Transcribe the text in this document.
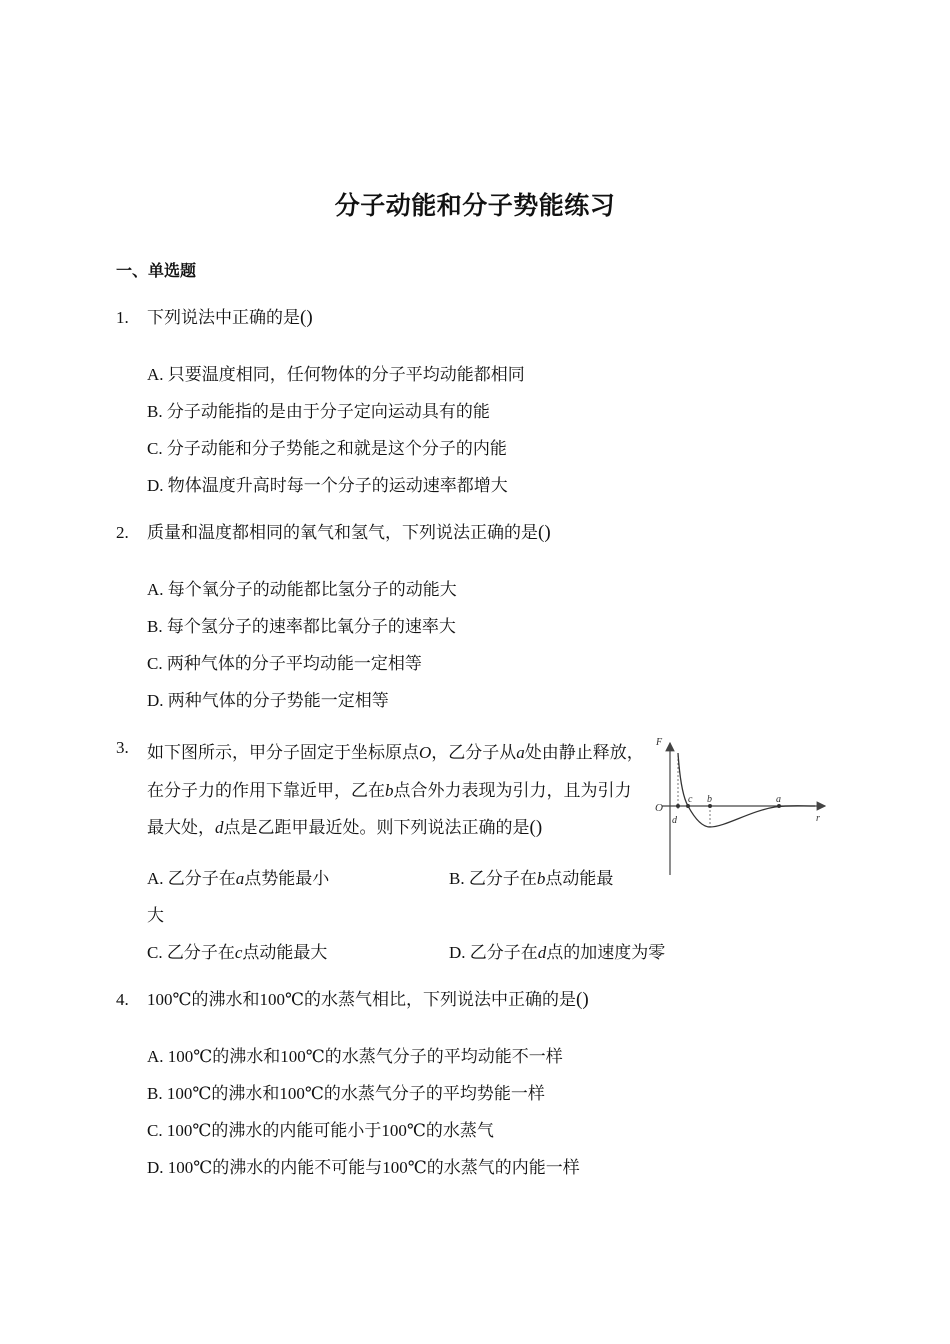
分子动能和分子势能练习
一、单选题
1. 下列说法中正确的是()
A. 只要温度相同，任何物体的分子平均动能都相同
B. 分子动能指的是由于分子定向运动具有的能
C. 分子动能和分子势能之和就是这个分子的内能
D. 物体温度升高时每一个分子的运动速率都增大
2. 质量和温度都相同的氧气和氢气，下列说法正确的是()
A. 每个氧分子的动能都比氢分子的动能大
B. 每个氢分子的速率都比氧分子的速率大
C. 两种气体的分子平均动能一定相等
D. 两种气体的分子势能一定相等
3. 如下图所示，甲分子固定于坐标原点O，乙分子从a处由静止释放，
在分子力的作用下靠近甲，乙在b点合外力表现为引力，且为引力
最大处，d点是乙距甲最近处。则下列说法正确的是()
A. 乙分子在a点势能最小	B. 乙分子在b点动能最
大
C. 乙分子在c点动能最大	D. 乙分子在d点的加速度为零
F
O
c b	a
d	r
4. 100℃的沸水和100℃的水蒸气相比，下列说法中正确的是()
A. 100℃的沸水和100℃的水蒸气分子的平均动能不一样
B. 100℃的沸水和100℃的水蒸气分子的平均势能一样
C. 100℃的沸水的内能可能小于100℃的水蒸气
D. 100℃的沸水的内能不可能与100℃的水蒸气的内能一样
